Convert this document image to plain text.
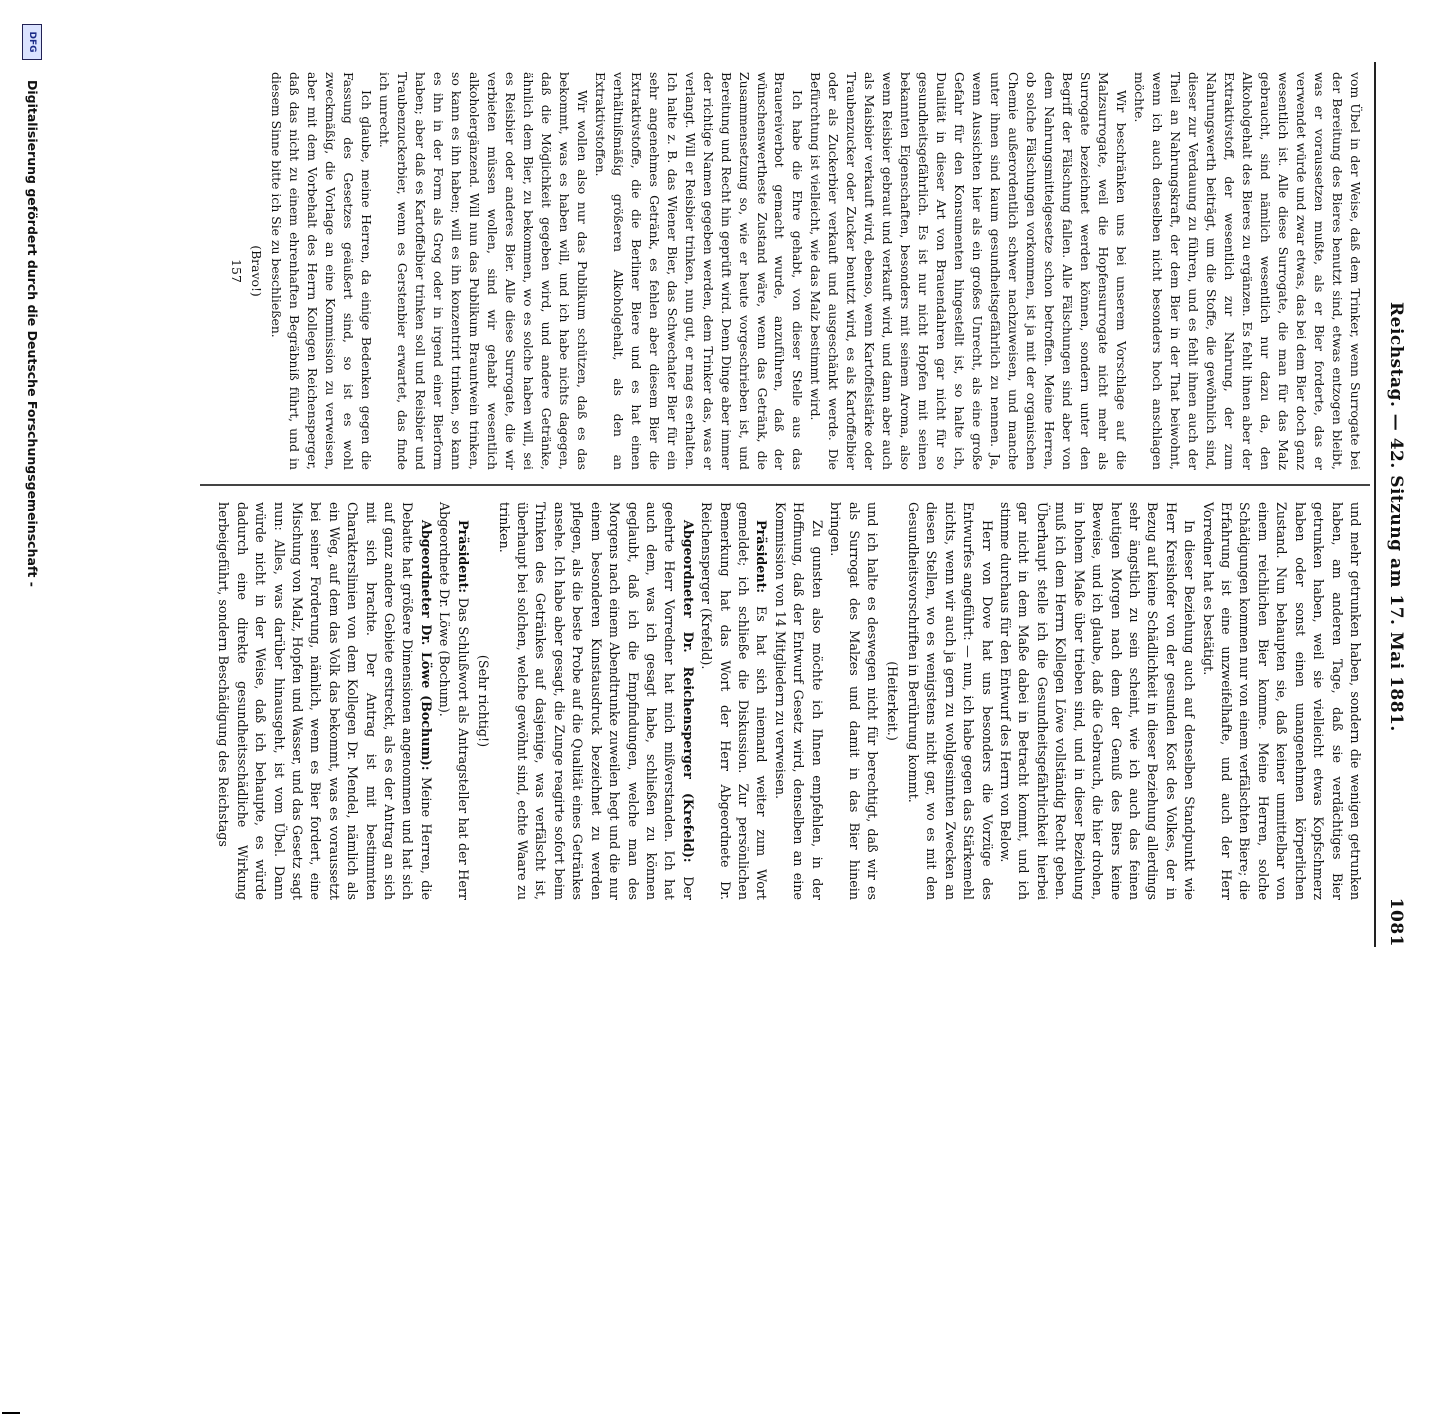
Reichstag. — 42. Sitzung am 17. Mai 1881.
1081

vom Übel in der Weise, daß dem Trinker, wenn Surrogate bei der Bereitung des Bieres benutzt sind, etwas entzogen bleibt, was er voraussetzen mußte, als er Bier forderte, das er verwendet würde und zwar etwas, das bei dem Bier doch ganz wesentlich ist. Alle diese Surrogate, die man für das Malz gebraucht, sind nämlich wesentlich nur dazu da, den Alkoholgehalt des Bieres zu ergänzen. Es fehlt ihnen aber der Extraktivstoff, der wesentlich zur Nahrung, der zum Nahrungswerth beiträgt, um die Stoffe, die gewöhnlich sind, dieser zur Verdauung zu führen, und es fehlt ihnen auch der Theil an Nahrungskraft, der dem Bier in der That beiwohnt, wenn ich auch denselben nicht besonders hoch anschlagen möchte.

Wir beschränken uns bei unserem Vorschlage auf die Malzsurrogate, weil die Hopfensurrogate nicht mehr als Surrogate bezeichnet werden können, sondern unter den Begriff der Fälschung fallen. Alle Fälschungen sind aber von dem Nahrungsmittelgesetze schon betroffen. Meine Herren, ob solche Fälschungen vorkommen, ist ja mit der organischen Chemie außerordentlich schwer nachzuweisen, und manche unter ihnen sind kaum gesundheitsgefährlich zu nennen. Ja, wenn Aussichten hier als ein großes Unrecht, als eine große Gefahr für den Konsumenten hingestellt ist, so halte ich, Dualität in dieser Art von Brauendahren gar nicht für so gesundheitsgefährlich. Es ist nur nicht Hopfen mit seinen bekannten Eigenschaften, besonders mit seinem Aroma, also wenn Reisbier gebraut und verkauft wird, und dann aber auch als Maisbier verkauft wird, ebenso, wenn Kartoffelstärke oder Traubenzucker oder Zucker benutzt wird, es als Kartoffelbier oder als Zuckerbier verkauft und ausgeschänkt werde. Die Befürchtung ist vielleicht, wie das Malz bestimmt wird.

Ich habe die Ehre gehabt, von dieser Stelle aus das Brauereiverbot gemacht wurde, anzuführen, daß der wünschenswertheste Zustand wäre, wenn das Getränk, die Zusammensetzung so, wie er heute vorgeschrieben ist, und Bereitung und Recht hin geprüft wird. Denn Dinge aber immer der richtige Namen gegeben werden, dem Trinker das, was er verlangt. Will er Reisbier trinken, nun gut, er mag es erhalten. Ich halte z. B. das Wiener Bier, das Schwechater Bier für ein sehr angenehmes Getränk, es fehlen aber diesem Bier die Extraktivstoffe, die die Berliner Biere und es hat einen verhältnißmäßig größeren Alkoholgehalt, als den an Extraktivstoffen.

Wir wollen also nur das Publikum schützen, daß es das bekommt, was es haben will, und ich habe nichts dagegen, daß die Möglichkeit gegeben wird, und andere Getränke, ähnlich dem Bier, zu bekommen, wo es solche haben will, sei es Reisbier oder anderes Bier. Alle diese Surrogate, die wir verbieten müssen wollen, sind wir gehabt wesentlich alkoholergänzend. Will nun das Publikum Brauntwein trinken, so kann es ihn haben; will es ihn konzentrirt trinken, so kann es ihn in der Form als Grog oder in irgend einer Bierform haben; aber daß es Kartoffelbier trinken soll und Reisbier und Traubenzuckerbier, wenn es Gerstenbier erwartet, das finde ich unrecht.

Ich glaube, meine Herren, da einige Bedenken gegen die Fassung des Gesetzes geäußert sind, so ist es wohl zweckmäßig, die Vorlage an eine Kommission zu verweisen, aber mit dem Vorbehalt des Herrn Kollegen Reichensperger, daß das nicht zu einem ehrenhaften Begräbniß führt, und in diesem Sinne bitte ich Sie zu beschließen.

(Bravo!)

157

und mehr getrunken haben, sondern die wenigen getrunken haben, am anderen Tage, daß sie verdächtiges Bier getrunken haben, weil sie vielleicht etwas Kopfschmerz haben oder sonst einen unangenehmen körperlichen Zustand. Nun behaupten sie, daß keiner unmittelbar von einem reichlichen Bier komme. Meine Herren, solche Schädigungen kommen nur von einem verfälschten Biere; die Erfahrung ist eine unzweifelhafte, und auch der Herr Vorredner hat es bestätigt.

In dieser Beziehung auch auf denselben Standpunkt wie Herr Kreishofer von der gesunden Kost des Volkes, der in Bezug auf keine Schädlichkeit in dieser Beziehung allerdings sehr ängstlich zu sein scheint, wie ich auch das feinen heutigen Morgen nach dem der Genuß des Biers keine Beweise, und ich glaube, daß die Gebrauch, die hier drohen, in hohem Maße über trieben sind, und in dieser Beziehung muß ich dem Herrn Kollegen Löwe vollständig Recht geben. Überhaupt stelle ich die Gesundheitsgefährlichkeit hierbei gar nicht in dem Maße dabei in Betracht kommt, und ich stimme durchaus für den Entwurf des Herrn von Below.

Herr von Dove hat uns besonders die Vorzüge des Entwurfes angeführt: — nun, ich habe gegen das Stärkemehl nichts, wenn wir auch ja gern zu wohlgesinnten Zwecken an diesen Stellen, wo es wenigstens nicht gar, wo es mit den Gesundheitsvorschriften in Berührung kommt.

(Heiterkeit.)

und ich halte es deswegen nicht für berechtigt, daß wir es als Surrogat des Malzes und damit in das Bier hinein bringen.

Zu gunsten also möchte ich Ihnen empfehlen, in der Hoffnung, daß der Entwurf Gesetz wird, denselben an eine Kommission von 14 Mitgliedern zu verweisen.

Präsident: Es hat sich niemand weiter zum Wort gemeldet; ich schließe die Diskussion. Zur persönlichen Bemerkung hat das Wort der Herr Abgeordnete Dr. Reichensperger (Krefeld).

Abgeordneter Dr. Reichensperger (Krefeld): Der geehrte Herr Vorredner hat mich mißverstanden. Ich hat auch dem, was ich gesagt habe, schließen zu können geglaubt, daß ich die Empfindungen, welche man des Morgens nach einem Abendtrunke zuweilen hegt und die nur einem besonderen Kunstausdruck bezeichnet zu werden pflegen, als die beste Probe auf die Qualität eines Getränkes ansehe. Ich habe aber gesagt, die Zunge reagirte sofort beim Trinken des Getränkes auf dasjenige, was verfälscht ist, überhaupt bei solchen, welche gewöhnt sind, echte Waare zu trinken.

(Sehr richtig!)

Präsident: Das Schlußwort als Antragsteller hat der Herr Abgeordnete Dr. Löwe (Bochum).

Abgeordneter Dr. Löwe (Bochum): Meine Herren, die Debatte hat größere Dimensionen angenommen und hat sich auf ganz andere Gebiete erstreckt, als es der Antrag an sich mit sich brachte. Der Antrag ist mit bestimmten Charakterslinien von dem Kollegen Dr. Mendel, nämlich als ein Weg, auf dem das Volk das bekommt, was es voraussetzt bei seiner Forderung, nämlich, wenn es Bier fordert, eine Mischung von Malz, Hopfen und Wasser, und das Gesetz sagt nun: Alles, was darüber hinausgeht, ist vom Übel. Dann würde nicht in der Weise, daß ich behaupte, es würde dadurch eine direkte gesundheitsschädliche Wirkung herbeigeführt, sondern Beschädigung des Reichstags

DFG
Digitalisierung gefördert durch die Deutsche Forschungsgemeinschaft -
